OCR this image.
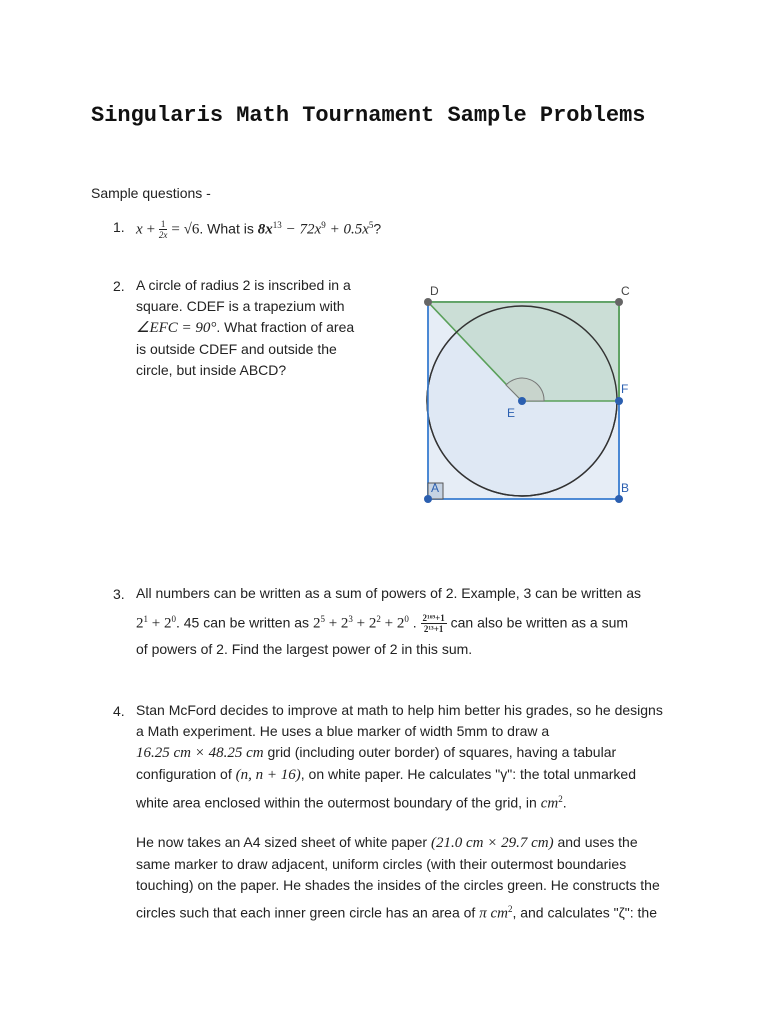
Singularis Math Tournament Sample Problems
Sample questions -
1. $x + \frac{1}{2x} = √6$. What is $8x^{13} - 72x^9 + 0.5x^5$?
2. A circle of radius 2 is inscribed in a
square. CDEF is a trapezium with
∠EFC = 90°. What fraction of area
is outside CDEF and outside the
circle, but inside ABCD?
D	C
F
E
A	B
3. All numbers can be written as a sum of powers of 2. Example, 3 can be written as
$2^1 + 2^0$. 45 can be written as $2^5 + 2^3 + 2^2 + 2^0$ . $\frac{\text{2¹⁶⁹+1}}{\text{2¹³+1}}$ can also be written as a sum
of powers of 2. Find the largest power of 2 in this sum.
4. Stan McFord decides to improve at math to help him better his grades, so he designs
a Math experiment. He uses a blue marker of width 5mm to draw a
16.25 cm × 48.25 cm grid (including outer border) of squares, having a tabular
configuration of (n, n + 16), on white paper. He calculates "γ": the total unmarked
white area enclosed within the outermost boundary of the grid, in $cm^2$.
He now takes an A4 sized sheet of white paper (21.0 cm × 29.7 cm) and uses the
same marker to draw adjacent, uniform circles (with their outermost boundaries
touching) on the paper. He shades the insides of the circles green. He constructs the
circles such that each inner green circle has an area of π $cm^2$, and calculates "ζ": the
